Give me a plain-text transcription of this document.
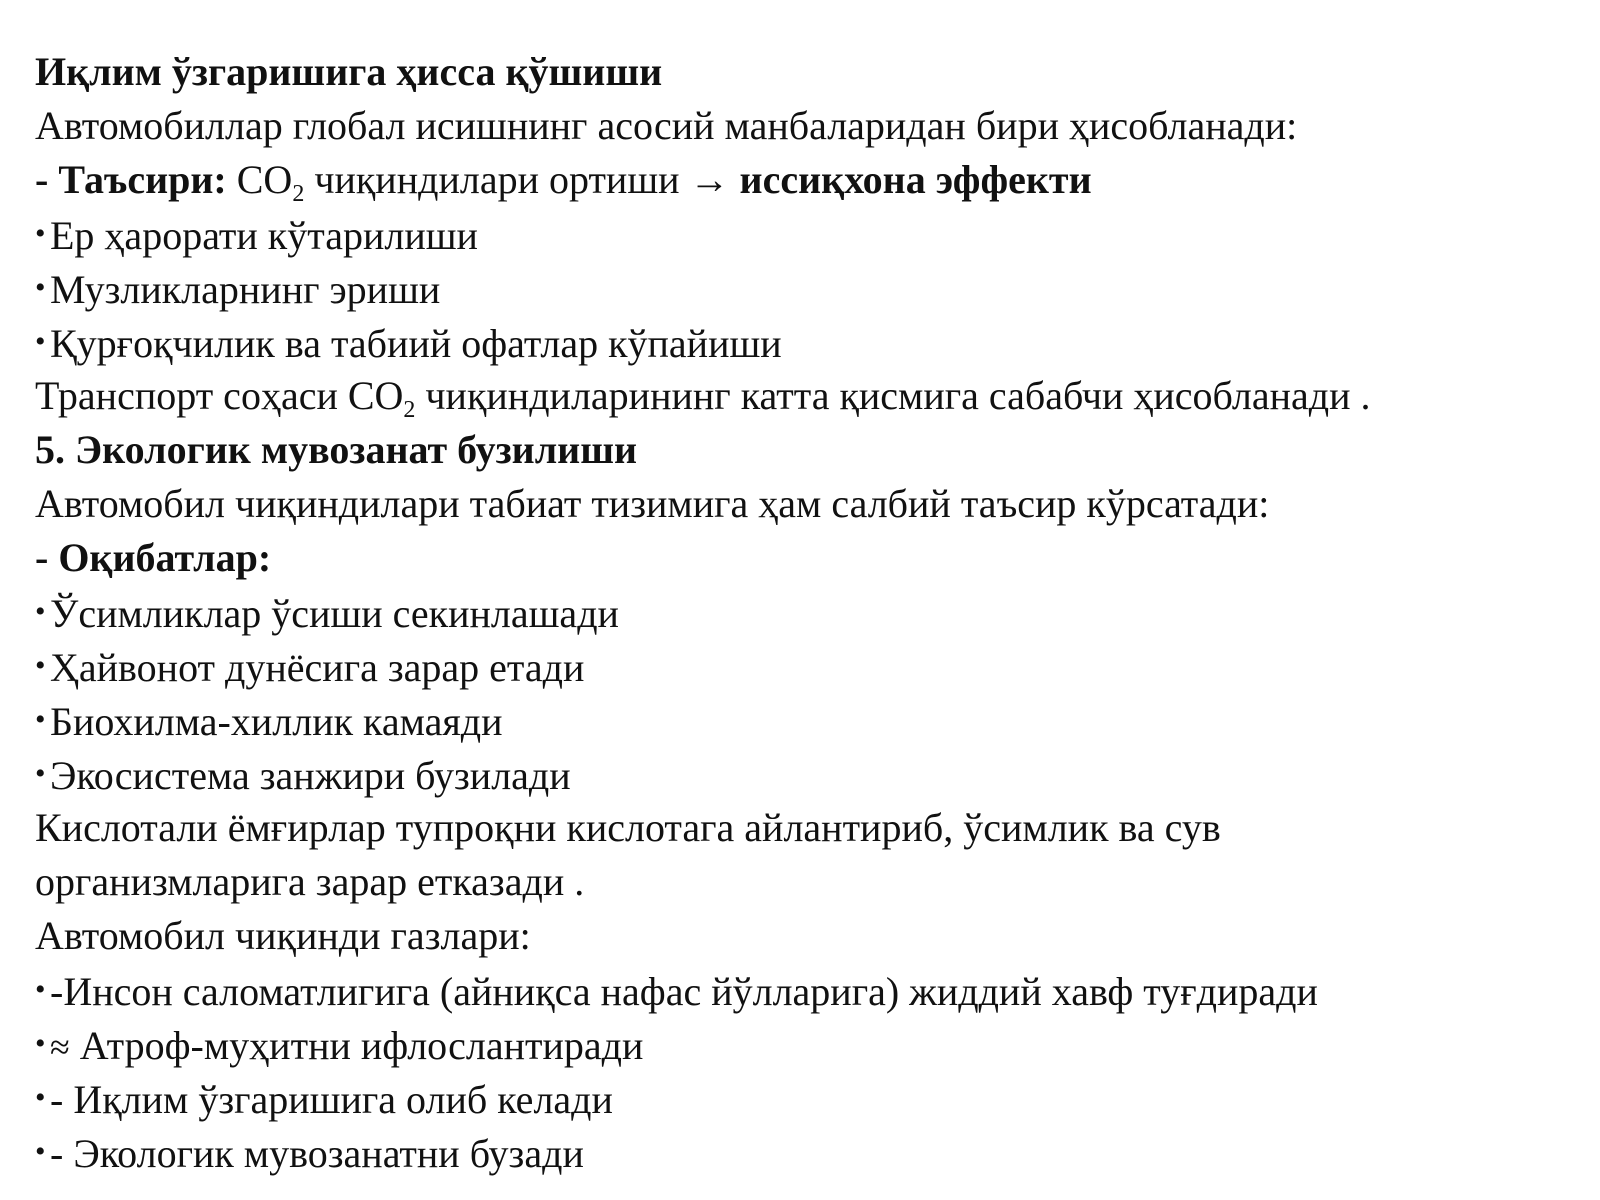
Иқлим ўзгаришига ҳисса қўшиши
Автомобиллар глобал исишнинг асосий манбаларидан бири ҳисобланади:
- Таъсири: $CO_2$ чиқиндилари ортиши → иссиқхона эффекти
• Ер ҳарорати кўтарилиши
• Музликларнинг эриши
• Қурғоқчилик ва табиий офатлар кўпайиши
Транспорт соҳаси $CO_2$ чиқиндиларининг катта қисмига сабабчи ҳисобланади .
5. Экологик мувозанат бузилиши
Автомобил чиқиндилари табиат тизимига ҳам салбий таъсир кўрсатади:
- Оқибатлар:
• Ўсимликлар ўсиши секинлашади
• Ҳайвонот дунёсига зарар етади
• Биохилма-хиллик камаяди
• Экосистема занжири бузилади
Кислотали ёмғирлар тупроқни кислотага айлантириб, ўсимлик ва сув
организмларига зарар етказади .
Автомобил чиқинди газлари:
• -Инсон саломатлигига (айниқса нафас йўлларига) жиддий хавф туғдиради
• ≈ Атроф-муҳитни ифлослантиради
• - Иқлим ўзгаришига олиб келади
• - Экологик мувозанатни бузади
